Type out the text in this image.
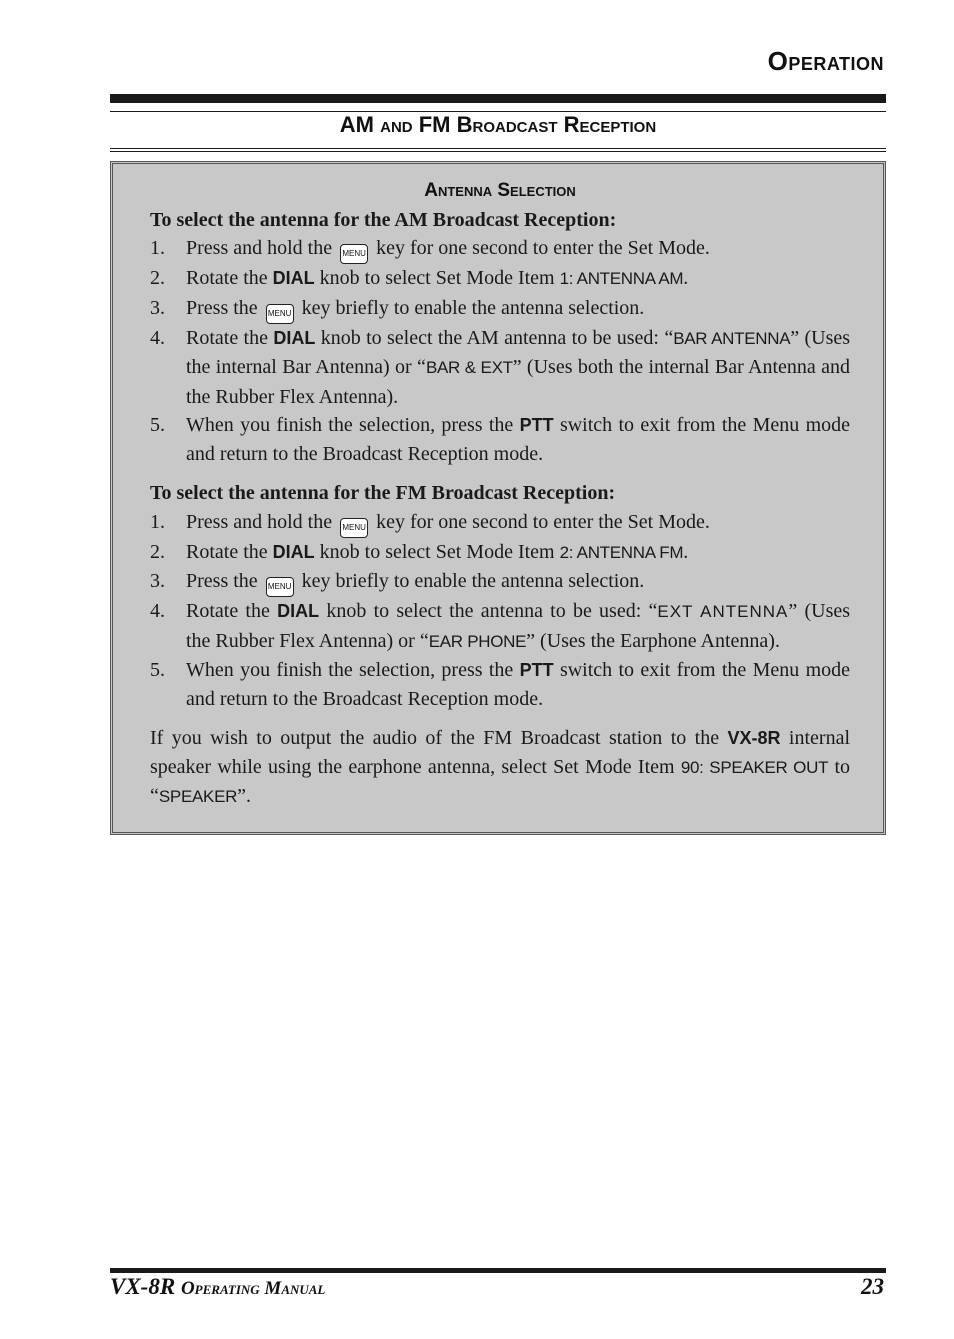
Operation
AM and FM Broadcast Reception
Antenna Selection

To select the antenna for the AM Broadcast Reception:

1. Press and hold the MENU key for one second to enter the Set Mode.
2. Rotate the DIAL knob to select Set Mode Item 1: ANTENNA AM.
3. Press the MENU key briefly to enable the antenna selection.
4. Rotate the DIAL knob to select the AM antenna to be used: “BAR ANTENNA” (Uses the internal Bar Antenna) or “BAR & EXT” (Uses both the internal Bar Antenna and the Rubber Flex Antenna).
5. When you finish the selection, press the PTT switch to exit from the Menu mode and return to the Broadcast Reception mode.

To select the antenna for the FM Broadcast Reception:

1. Press and hold the MENU key for one second to enter the Set Mode.
2. Rotate the DIAL knob to select Set Mode Item 2: ANTENNA FM.
3. Press the MENU key briefly to enable the antenna selection.
4. Rotate the DIAL knob to select the antenna to be used: “EXT ANTENNA” (Uses the Rubber Flex Antenna) or “EAR PHONE” (Uses the Earphone Antenna).
5. When you finish the selection, press the PTT switch to exit from the Menu mode and return to the Broadcast Reception mode.

If you wish to output the audio of the FM Broadcast station to the VX-8R internal speaker while using the earphone antenna, select Set Mode Item 90: SPEAKER OUT to “SPEAKER”.

VX-8R Operating Manual	23
